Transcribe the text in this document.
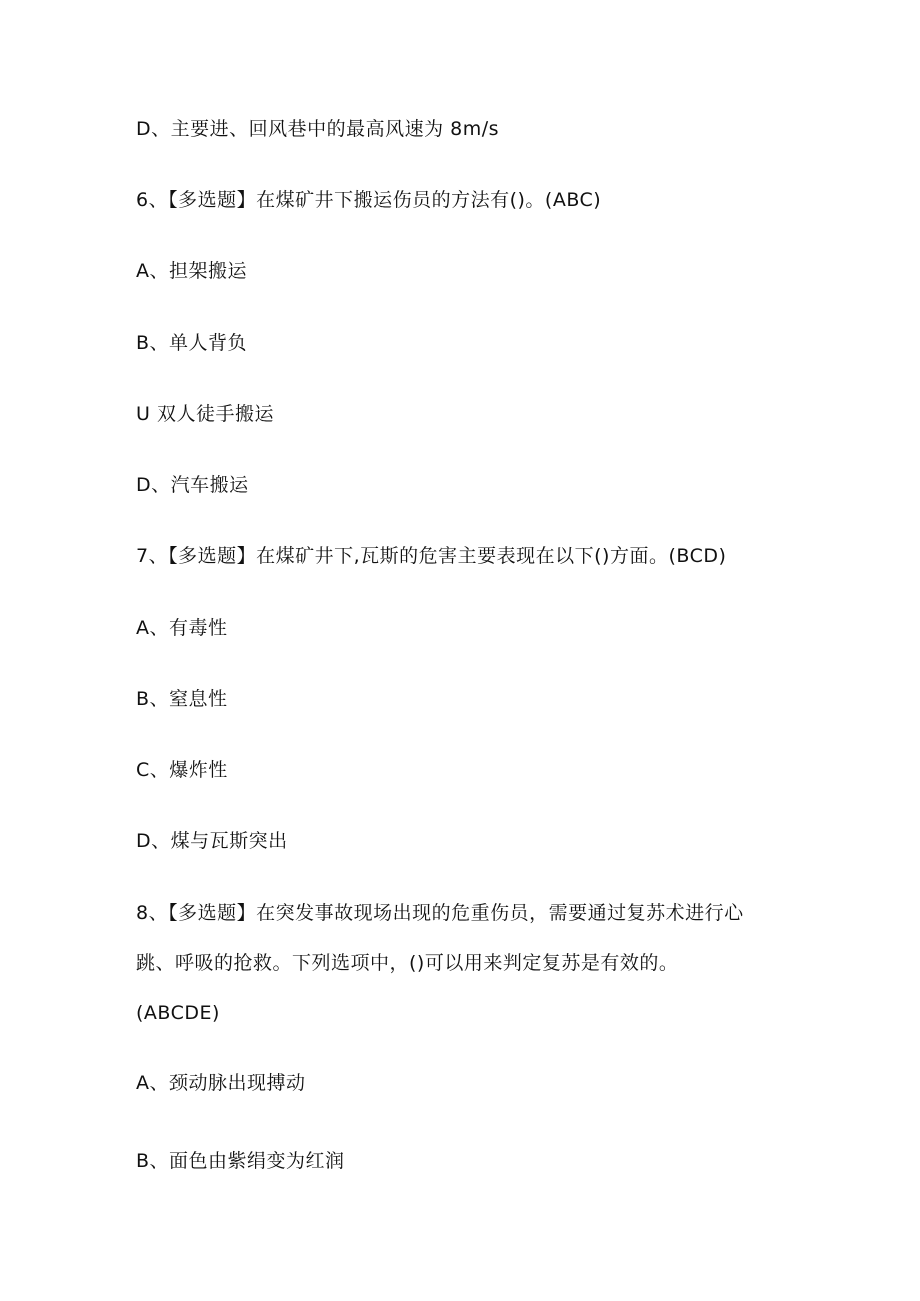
D、主要进、回风巷中的最高风速为 8m∕s
6、【多选题】在煤矿井下搬运伤员的方法有()。(ABC)
A、担架搬运
B、单人背负
U 双人徒手搬运
D、汽车搬运
7、【多选题】在煤矿井下,瓦斯的危害主要表现在以下()方面。(BCD)
A、有毒性
B、窒息性
C、爆炸性
D、煤与瓦斯突出
8、【多选题】在突发事故现场出现的危重伤员，需要通过复苏术进行心
跳、呼吸的抢救。下列选项中，()可以用来判定复苏是有效的。
(ABCDE)
A、颈动脉出现搏动
B、面色由紫绢变为红润
